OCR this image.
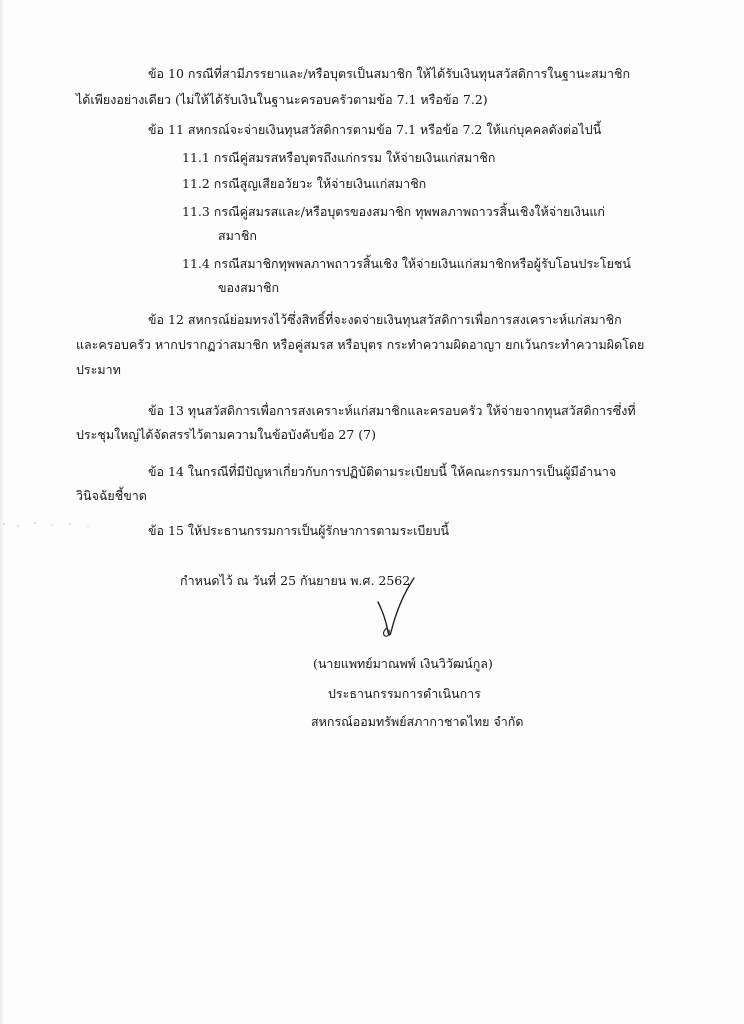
ข้อ 10 กรณีที่สามีภรรยาและ/หรือบุตรเป็นสมาชิก ให้ได้รับเงินทุนสวัสดิการในฐานะสมาชิก
ได้เพียงอย่างเดียว (ไม่ให้ได้รับเงินในฐานะครอบครัวตามข้อ 7.1 หรือข้อ 7.2)
ข้อ 11 สหกรณ์จะจ่ายเงินทุนสวัสดิการตามข้อ 7.1 หรือข้อ 7.2 ให้แก่บุคคลดังต่อไปนี้
11.1 กรณีคู่สมรสหรือบุตรถึงแก่กรรม ให้จ่ายเงินแก่สมาชิก
11.2 กรณีสูญเสียอวัยวะ ให้จ่ายเงินแก่สมาชิก
11.3 กรณีคู่สมรสและ/หรือบุตรของสมาชิก ทุพพลภาพถาวรสิ้นเชิงให้จ่ายเงินแก่
สมาชิก
11.4 กรณีสมาชิกทุพพลภาพถาวรสิ้นเชิง ให้จ่ายเงินแก่สมาชิกหรือผู้รับโอนประโยชน์
ของสมาชิก
ข้อ 12 สหกรณ์ย่อมทรงไว้ซึ่งสิทธิ์ที่จะงดจ่ายเงินทุนสวัสดิการเพื่อการสงเคราะห์แก่สมาชิก
และครอบครัว หากปรากฏว่าสมาชิก หรือคู่สมรส หรือบุตร กระทำความผิดอาญา ยกเว้นกระทำความผิดโดย
ประมาท
ข้อ 13 ทุนสวัสดิการเพื่อการสงเคราะห์แก่สมาชิกและครอบครัว ให้จ่ายจากทุนสวัสดิการซึ่งที่
ประชุมใหญ่ได้จัดสรรไว้ตามความในข้อบังคับข้อ 27 (7)
ข้อ 14 ในกรณีที่มีปัญหาเกี่ยวกับการปฏิบัติตามระเบียบนี้ ให้คณะกรรมการเป็นผู้มีอำนาจ
วินิจฉัยชี้ขาด
ข้อ 15 ให้ประธานกรรมการเป็นผู้รักษาการตามระเบียบนี้
กำหนดไว้ ณ วันที่ 25 กันยายน พ.ศ. 2562
(นายแพทย์มาณพพ์ เงินวิวัฒน์กูล)
ประธานกรรมการดำเนินการ
สหกรณ์ออมทรัพย์สภากาชาดไทย จำกัด
